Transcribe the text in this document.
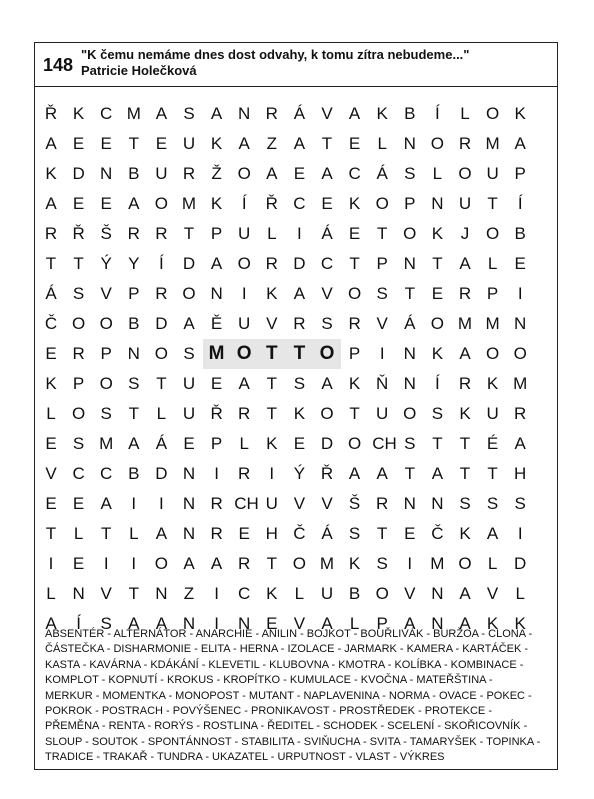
148
"K čemu nemáme dnes dost odvahy, k tomu zítra nebudeme..."
Patricie Holečková
Ř K C M A S A N R Á V A K B	Í	L O K
A E E T E U K A Z A T E	L N O R M A
K D N B U R Ž O A E A C Á S	L O U P
A E E A O M K	Í	Ř C E K O P N U T	Í
R Ř Š R R T P U L	I	Á E T O K	J O B
T T Ý Y	Í	D A O R D C T P N T A	L	E
Á S V P R O N	I	K A V O S T E R P	I
Č O O B D A Ě U V R S R V Á O M M N
E R P N O S M O T T O P	I	N K A O O
K P O S T U E A T S A K Ň N	Í	R K M
L O S T	L U Ř R T K O T U O S K U R
E S M A Á E P	L	K E D O CH S T T É A
V C C B D N	I	R	I	Ý Ř A A T A T T H
E E A	I	I	N R CH U V V Š R N N S S S
T	L	T	L	A N R E H Č Á S T E Č K A	I
I	E	I	I	O A A R T O M K S	I	M O L D
L N V T N Z	I	C K	L U B O V N A V	L
A	Í	S A A N	I	N E V A	L	P A N A K K
ABSENTÉR - ALTERNÁTOR - ANARCHIE - ANILIN - BOJKOT - BOUŘLIVÁK - BURŽOA - CLONA -
ČÁSTEČKA - DISHARMONIE - ELITA - HERNA - IZOLACE - JARMARK - KAMERA - KARTÁČEK -
KASTA - KAVÁRNA - KDÁKÁNÍ - KLEVETIL - KLUBOVNA - KMOTRA - KOLÍBKA - KOMBINACE -
KOMPLOT - KOPNUTÍ - KROKUS - KROPÍTKO - KUMULACE - KVOČNA - MATEŘŠTINA -
MERKUR - MOMENTKA - MONOPOST - MUTANT - NAPLAVENINA - NORMA - OVACE - POKEC -
POKROK - POSTRACH - POVÝŠENEC - PRONIKAVOST - PROSTŘEDEK - PROTEKCE -
PŘEMĚNA - RENTA - RORÝS - ROSTLINA - ŘEDITEL - SCHODEK - SCELENÍ - SKOŘICOVNÍK -
SLOUP - SOUTOK - SPONTÁNNOST - STABILITA - SVIŇUCHA - SVITA - TAMARYŠEK - TOPINKA -
TRADICE - TRAKAŘ - TUNDRA - UKAZATEL - URPUTNOST - VLAST - VÝKRES
